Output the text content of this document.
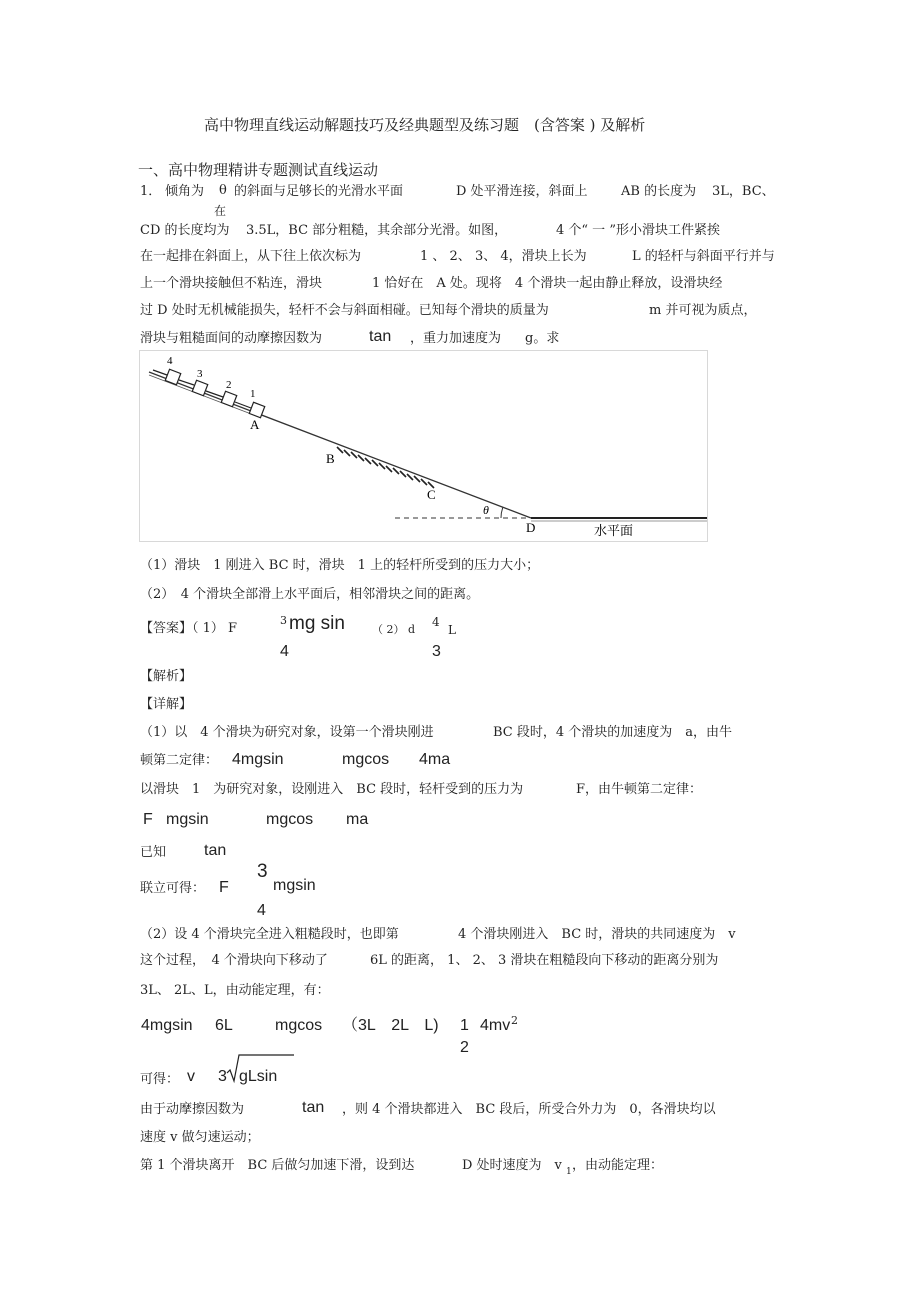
高中物理直线运动解题技巧及经典题型及练习题　(含答案 ) 及解析
一、高中物理精讲专题测试直线运动
1． 倾角为 θ
在
的斜面与足够长的光滑水平面	D 处平滑连接，斜面上	AB 的长度为 3L，BC、
CD 的长度均为 3.5L，BC 部分粗糙，其余部分光滑。如图，	4 个“ 一 ”形小滑块工件紧挨
在一起排在斜面上，从下往上依次标为	1 、 2、 3、 4，滑块上长为	L 的轻杆与斜面平行并与
上一个滑块接触但不粘连，滑块	1 恰好在　A 处。现将　4 个滑块一起由静止释放，设滑块经
过 D 处时无机械能损失，轻杆不会与斜面相碰。已知每个滑块的质量为	m 并可视为质点，
滑块与粗糙面间的动摩擦因数为	tan ，重力加速度为 g。求
4
3
2
1
A
B
C
θ
D	水平面
（1）滑块　1 刚进入 BC 时，滑块　1 上的轻杆所受到的压力大小；
（2）　4 个滑块全部滑上水平面后，相邻滑块之间的距离。
【答案】（ 1） F
3 mg sin
4
（ 2） d
4
L
3
【解析】
【详解】
（1）以　4 个滑块为研究对象，设第一个滑块刚进	BC 段时，4 个滑块的加速度为　a，由牛
顿第二定律： 4mgsin	mgcos 4ma
以滑块　1　为研究对象，设刚进入　BC 段时，轻杆受到的压力为	F，由牛顿第二定律：
F mgsin	mgcos ma
已知 tan
联立可得： F
3
mgsin
4
（2）设 4 个滑块完全进入粗糙段时，也即第	4 个滑块刚进入　BC 时，滑块的共同速度为　v
这个过程，　4 个滑块向下移动了	6L 的距离， 1、 2、 3 滑块在粗糙段向下移动的距离分别为
3L、 2L、L，由动能定理，有：
4mgsin 6L	mgcos （3L　2L　L) 1 4mv 2
2
可得： v 3 gLsin
由于动摩擦因数为	tan ，则 4 个滑块都进入　BC 段后，所受合外力为　0，各滑块均以
速度 v 做匀速运动；
第 1 个滑块离开　BC 后做匀加速下滑，设到达	D 处时速度为　v 1 ，由动能定理：
